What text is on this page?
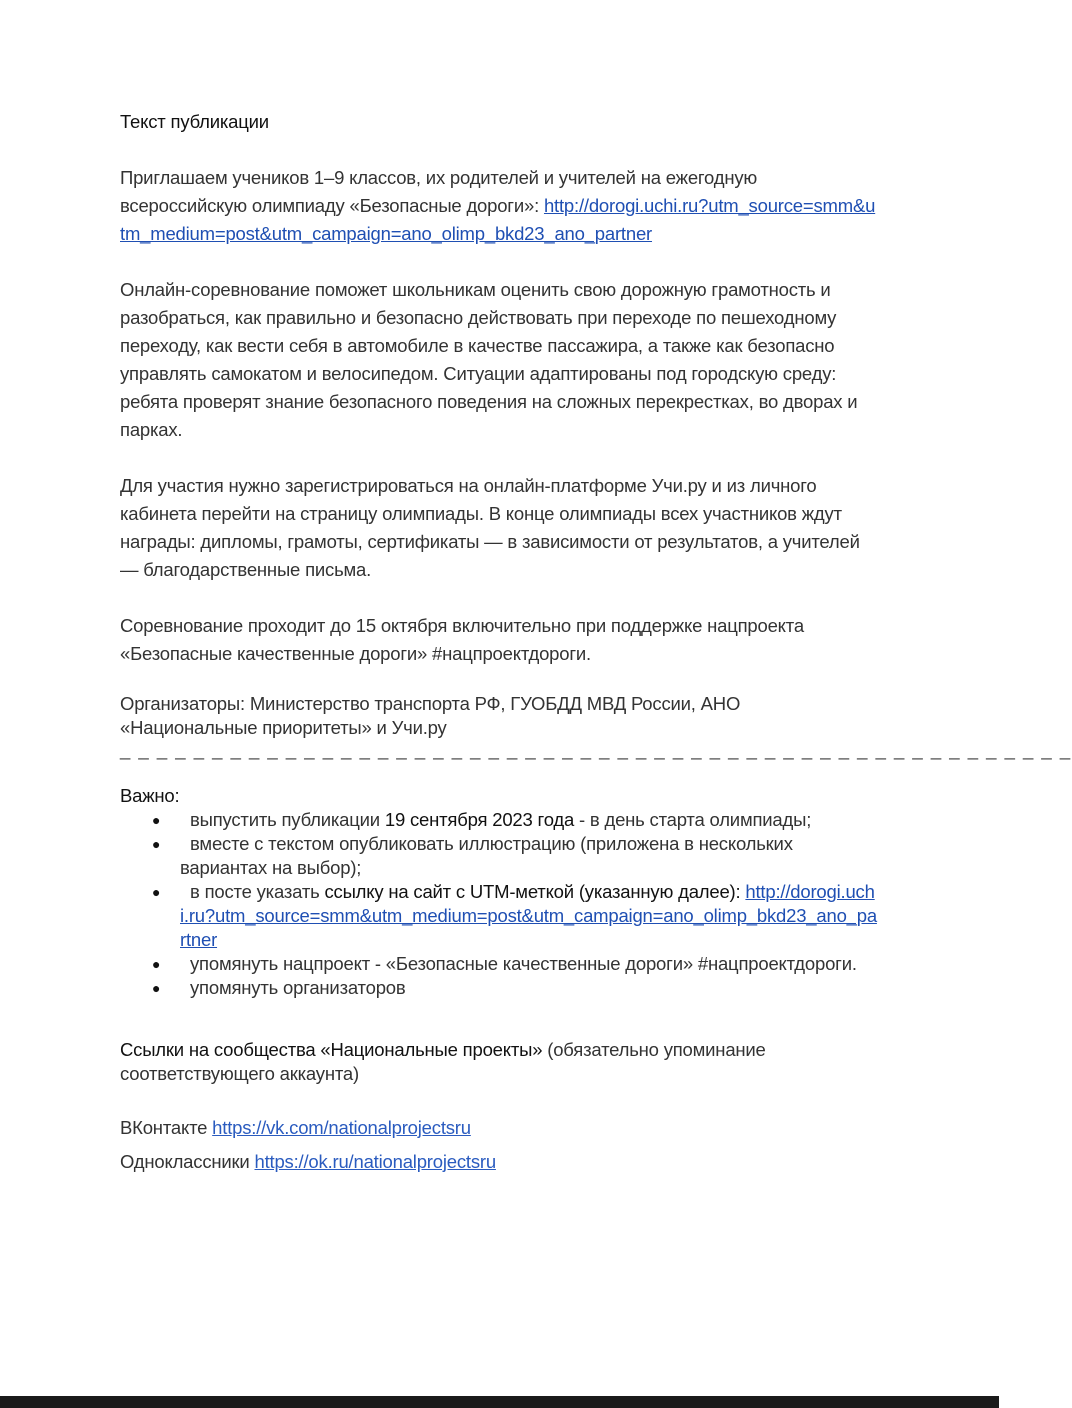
Текст публикации

Приглашаем учеников 1–9 классов, их родителей и учителей на ежегодную всероссийскую олимпиаду «Безопасные дороги»: http://dorogi.uchi.ru?utm_source=smm&utm_medium=post&utm_campaign=ano_olimp_bkd23_ano_partner

Онлайн-соревнование поможет школьникам оценить свою дорожную грамотность и разобраться, как правильно и безопасно действовать при переходе по пешеходному переходу, как вести себя в автомобиле в качестве пассажира, а также как безопасно управлять самокатом и велосипедом. Ситуации адаптированы под городскую среду: ребята проверят знание безопасного поведения на сложных перекрестках, во дворах и парках.

Для участия нужно зарегистрироваться на онлайн-платформе Учи.ру и из личного кабинета перейти на страницу олимпиады. В конце олимпиады всех участников ждут награды: дипломы, грамоты, сертификаты — в зависимости от результатов, а учителей — благодарственные письма.

Соревнование проходит до 15 октября включительно при поддержке нацпроекта «Безопасные качественные дороги» #нацпроектдороги.

Организаторы: Министерство транспорта РФ, ГУОБДД МВД России, АНО «Национальные приоритеты» и Учи.ру

_ _ _ _ _ _ _ _ _ _ _ _ _ _ _ _ _ _ _ _ _ _ _ _ _ _ _ _ _ _ _ _ _ _ _ _ _ _ _ _ _ _ _ _ _ _ _ _ _ _ _ _

Важно:

● выпустить публикации 19 сентября 2023 года - в день старта олимпиады;
● вместе с текстом опубликовать иллюстрацию (приложена в нескольких вариантах на выбор);
● в посте указать ссылку на сайт с UTM-меткой (указанную далее): http://dorogi.uchi.ru?utm_source=smm&utm_medium=post&utm_campaign=ano_olimp_bkd23_ano_partner
● упомянуть нацпроект - «Безопасные качественные дороги» #нацпроектдороги.
● упомянуть организаторов

Ссылки на сообщества «Национальные проекты» (обязательно упоминание соответствующего аккаунта)

ВКонтакте https://vk.com/nationalprojectsru

Одноклассники https://ok.ru/nationalprojectsru
